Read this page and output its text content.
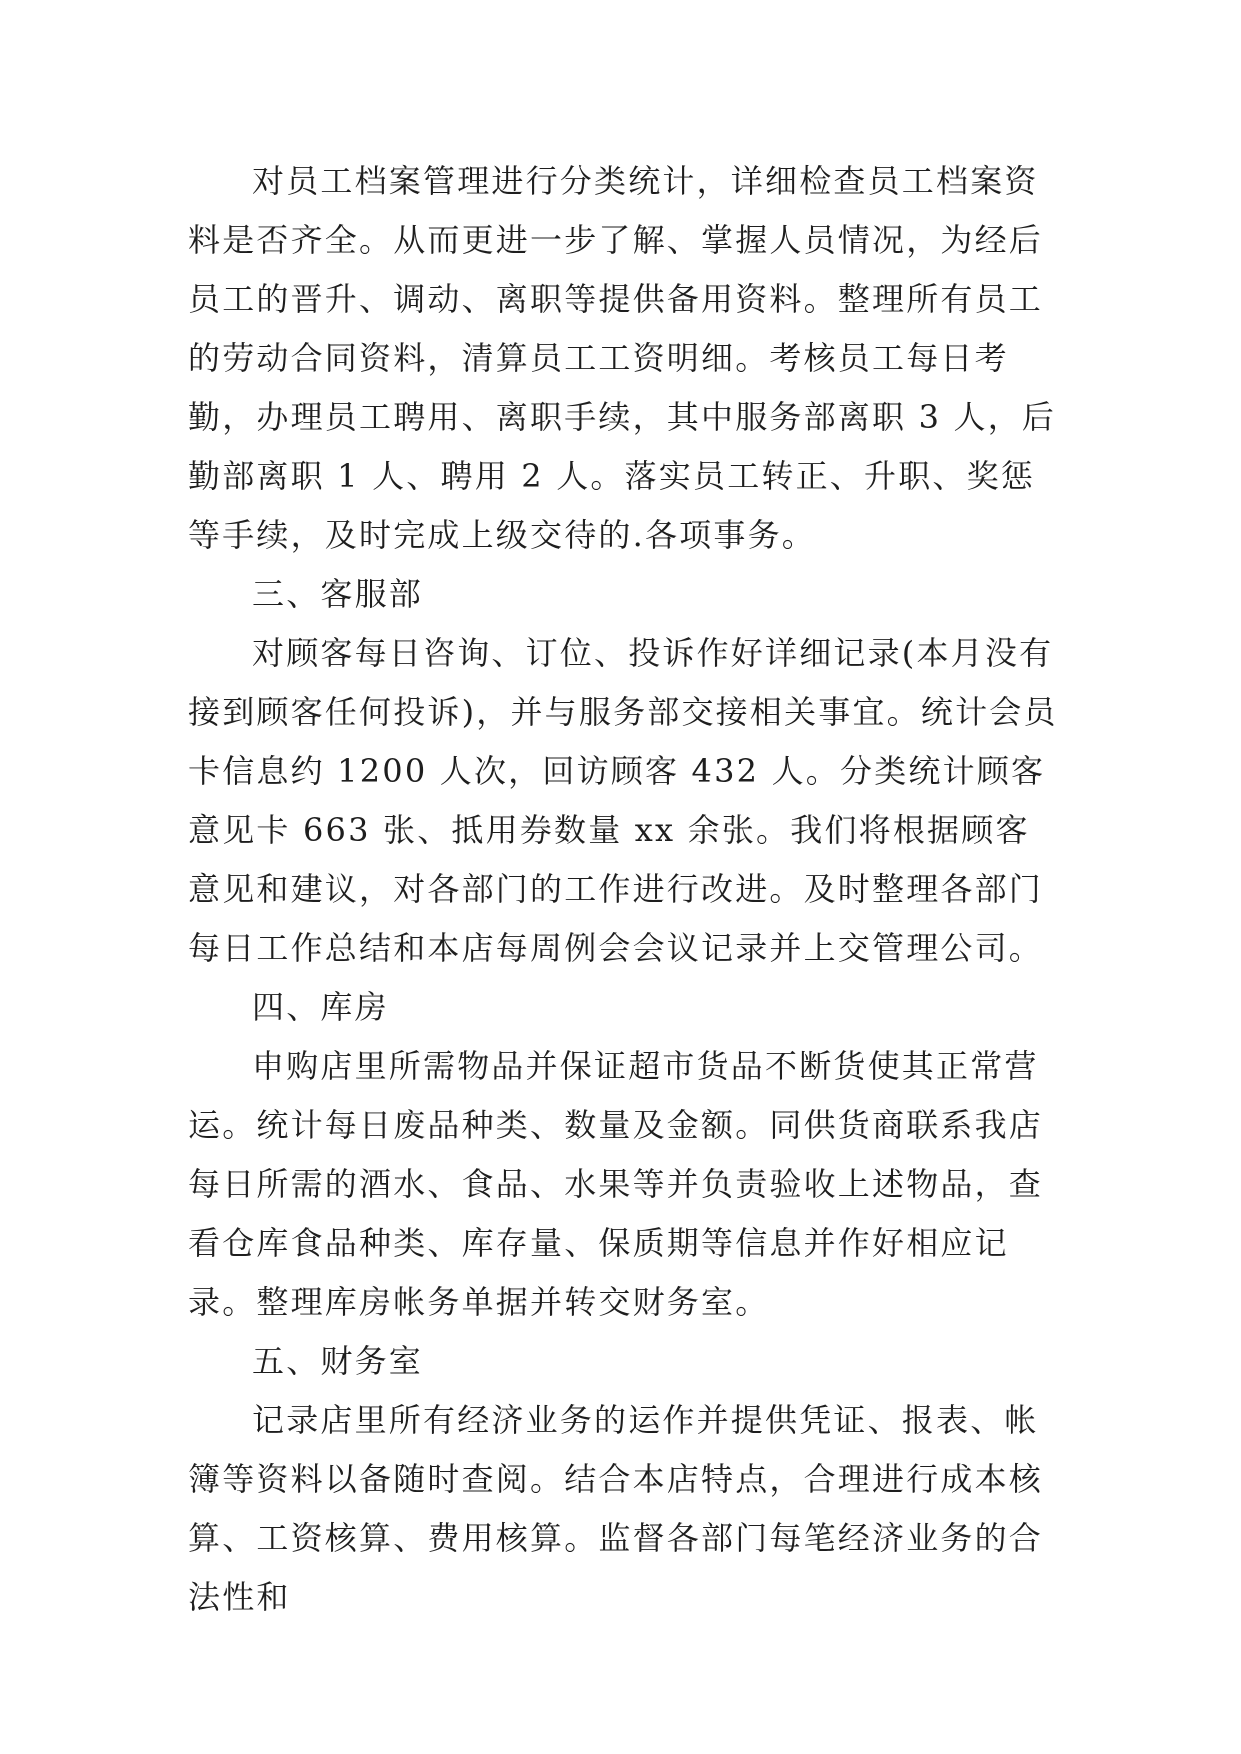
对员工档案管理进行分类统计，详细检查员工档案资料是否齐全。从而更进一步了解、掌握人员情况，为经后员工的晋升、调动、离职等提供备用资料。整理所有员工的劳动合同资料，清算员工工资明细。考核员工每日考勤，办理员工聘用、离职手续，其中服务部离职 3 人，后勤部离职 1 人、聘用 2 人。落实员工转正、升职、奖惩等手续，及时完成上级交待的.各项事务。

三、客服部

对顾客每日咨询、订位、投诉作好详细记录(本月没有接到顾客任何投诉)，并与服务部交接相关事宜。统计会员卡信息约 1200 人次，回访顾客 432 人。分类统计顾客意见卡 663 张、抵用券数量 xx 余张。我们将根据顾客意见和建议，对各部门的工作进行改进。及时整理各部门每日工作总结和本店每周例会会议记录并上交管理公司。

四、库房

申购店里所需物品并保证超市货品不断货使其正常营运。统计每日废品种类、数量及金额。同供货商联系我店每日所需的酒水、食品、水果等并负责验收上述物品，查看仓库食品种类、库存量、保质期等信息并作好相应记录。整理库房帐务单据并转交财务室。

五、财务室

记录店里所有经济业务的运作并提供凭证、报表、帐簿等资料以备随时查阅。结合本店特点，合理进行成本核算、工资核算、费用核算。监督各部门每笔经济业务的合法性和
